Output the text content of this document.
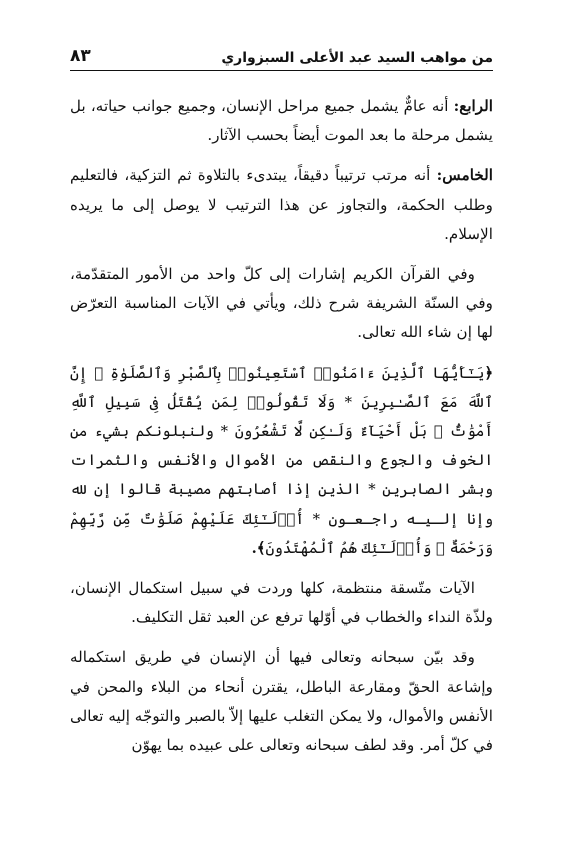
من مواهب السيد عبد الأعلى السبزواري
٨٣

الرابع: أنه عامٌّ يشمل جميع مراحل الإنسان، وجميع جوانب حياته، بل يشمل مرحلة ما بعد الموت أيضاً بحسب الآثار.

الخامس: أنه مرتب ترتيباً دقيقاً، يبتدىء بالتلاوة ثم التزكية، فالتعليم وطلب الحكمة، والتجاوز عن هذا الترتيب لا يوصل إلى ما يريده الإسلام.

وفي القرآن الكريم إشارات إلى كلّ واحد من الأمور المتقدّمة، وفي السنّة الشريفة شرح ذلك، ويأتي في الآيات المناسبة التعرّض لها إن شاء الله تعالى.

﴿يَـٰٓأَيُّهَا ٱلَّذِينَ ءَامَنُوا۟ ٱسْتَعِينُوا۟ بِٱلصَّبْرِ وَٱلصَّلَوٰةِ ۚ إِنَّ ٱللَّهَ مَعَ ٱلصَّـٰبِرِينَ * وَلَا تَقُولُوا۟ لِمَن يُقْتَلُ فِى سَبِيلِ ٱللَّهِ أَمْوَٰتٌۢ ۚ بَلْ أَحْيَآءٌ وَلَـٰكِن لَّا تَشْعُرُونَ * ولنبلونكم بشيء من الخوف والجوع والنقص من الأموال والأنفس والثمرات وبشر الصابرين * الذين إذا أصابتهم مصيبة قالوا إن لله وإنا إلـيـه راجـعـون * أُو۟لَـٰٓئِكَ عَلَيْهِمْ صَلَوَٰتٌ مِّن رَّبِّهِمْ وَرَحْمَةٌ ۖ وَأُو۟لَـٰٓئِكَ هُمُ ٱلْمُهْتَدُونَ﴾.

الآيات متّسقة منتظمة، كلها وردت في سبيل استكمال الإنسان، ولذّة النداء والخطاب في أوّلها ترفع عن العبد ثقل التكليف.

وقد بيّن سبحانه وتعالى فيها أن الإنسان في طريق استكماله وإشاعة الحقّ ومقارعة الباطل، يقترن أنحاء من البلاء والمحن في الأنفس والأموال، ولا يمكن التغلب عليها إلاّ بالصبر والتوجّه إليه تعالى في كلّ أمر. وقد لطف سبحانه وتعالى على عبيده بما يهوّن
